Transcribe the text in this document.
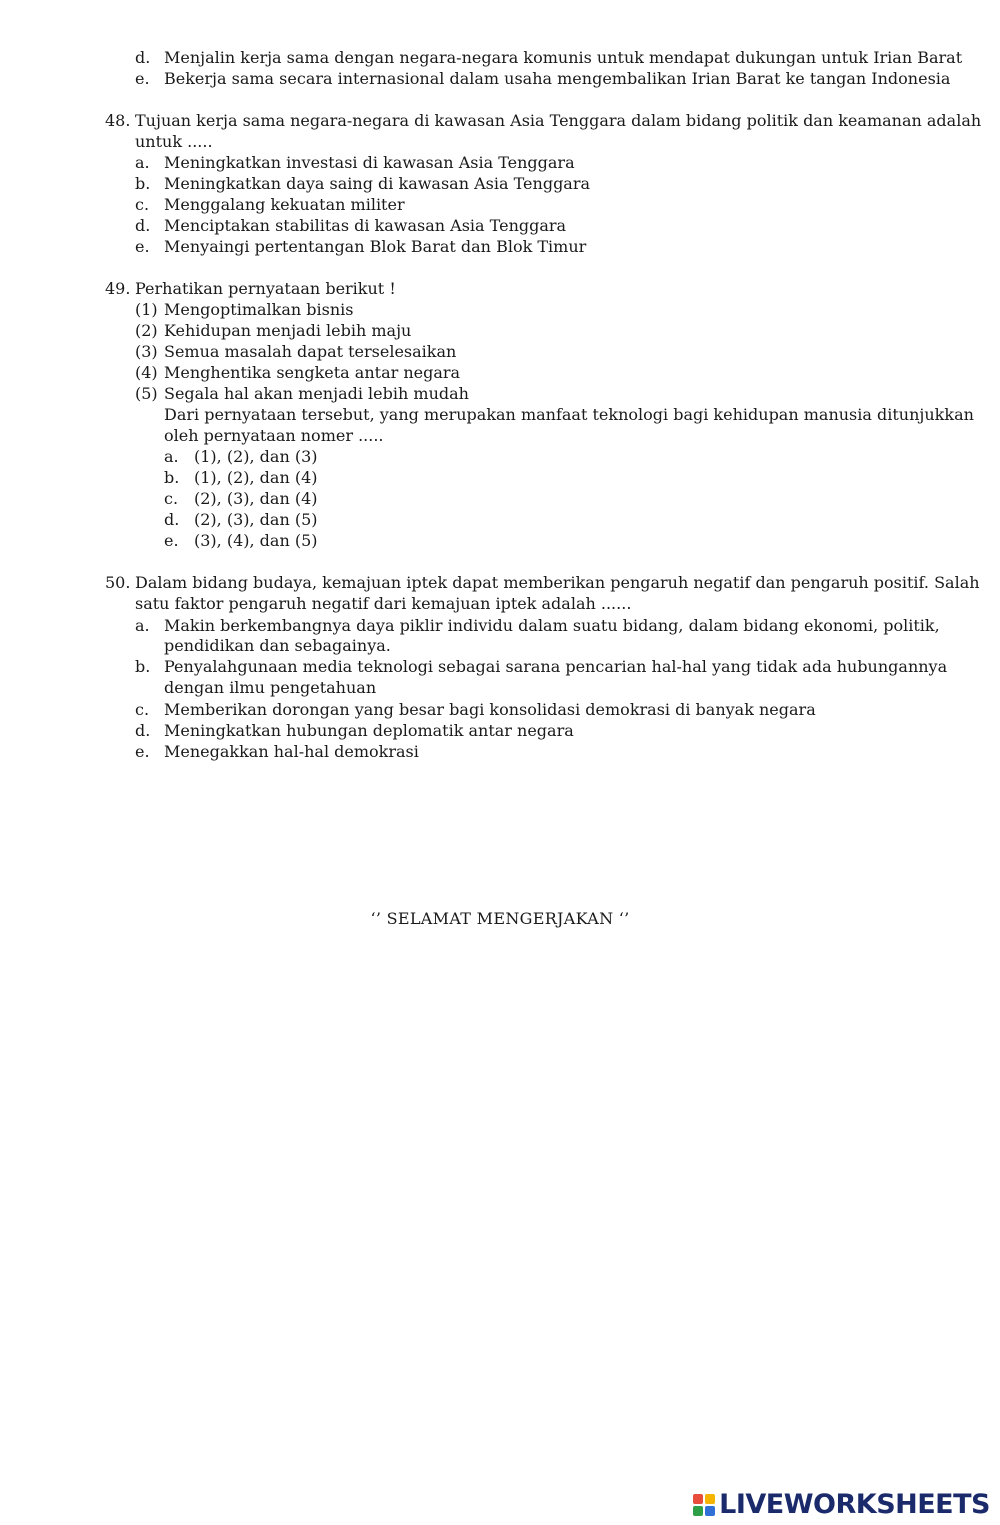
d. Menjalin kerja sama dengan negara-negara komunis untuk mendapat dukungan untuk Irian Barat
e. Bekerja sama secara internasional dalam usaha mengembalikan Irian Barat ke tangan Indonesia
48. Tujuan kerja sama negara-negara di kawasan Asia Tenggara dalam bidang politik dan keamanan adalah
untuk .....
a. Meningkatkan investasi di kawasan Asia Tenggara
b. Meningkatkan daya saing di kawasan Asia Tenggara
c. Menggalang kekuatan militer
d. Menciptakan stabilitas di kawasan Asia Tenggara
e. Menyaingi pertentangan Blok Barat dan Blok Timur
49. Perhatikan pernyataan berikut !
(1) Mengoptimalkan bisnis
(2) Kehidupan menjadi lebih maju
(3) Semua masalah dapat terselesaikan
(4) Menghentika sengketa antar negara
(5) Segala hal akan menjadi lebih mudah
Dari pernyataan tersebut, yang merupakan manfaat teknologi bagi kehidupan manusia ditunjukkan
oleh pernyataan nomer .....
a. (1), (2), dan (3)
b. (1), (2), dan (4)
c. (2), (3), dan (4)
d. (2), (3), dan (5)
e. (3), (4), dan (5)
50. Dalam bidang budaya, kemajuan iptek dapat memberikan pengaruh negatif dan pengaruh positif. Salah
satu faktor pengaruh negatif dari kemajuan iptek adalah ......
a. Makin berkembangnya daya piklir individu dalam suatu bidang, dalam bidang ekonomi, politik,
pendidikan dan sebagainya.
b. Penyalahgunaan media teknologi sebagai sarana pencarian hal-hal yang tidak ada hubungannya
dengan ilmu pengetahuan
c. Memberikan dorongan yang besar bagi konsolidasi demokrasi di banyak negara
d. Meningkatkan hubungan deplomatik antar negara
e. Menegakkan hal-hal demokrasi
‘’ SELAMAT MENGERJAKAN ‘’
LIVEWORKSHEETS
